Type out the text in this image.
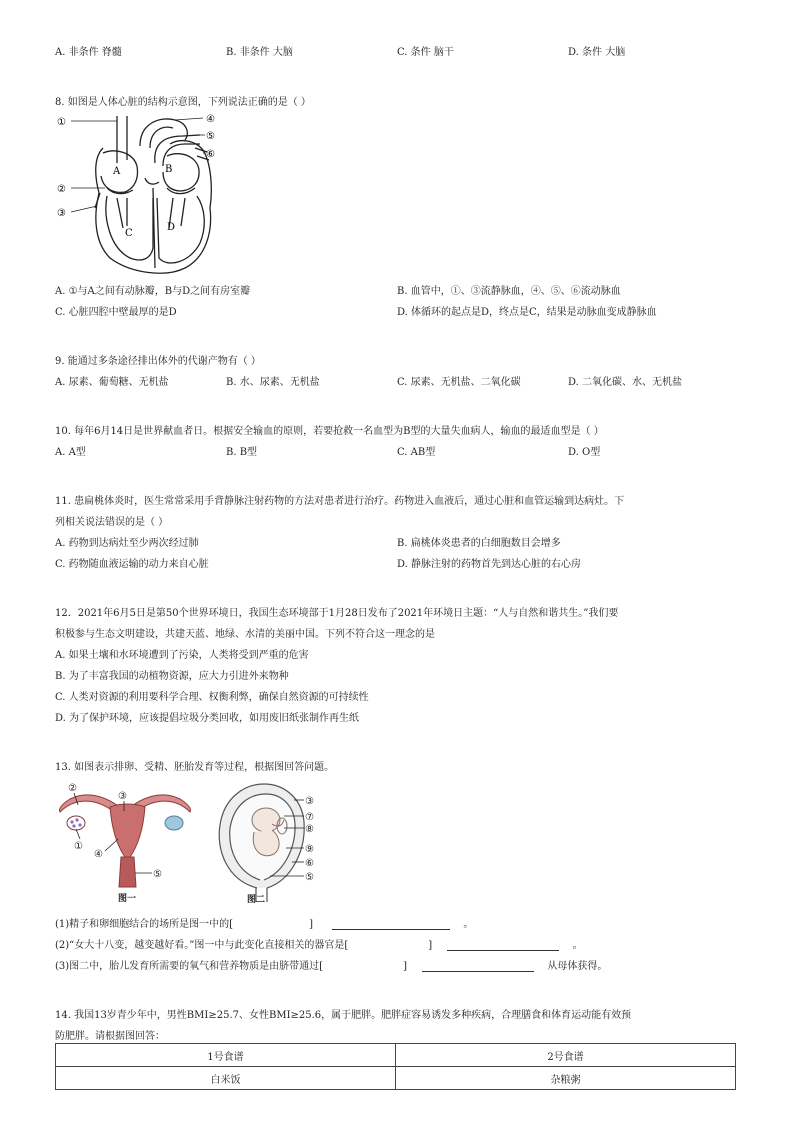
A. 非条件 脊髓	B. 非条件 大脑	C. 条件 脑干	D. 条件 大脑
8. 如图是人体心脏的结构示意图，下列说法正确的是（ ）
①
②
③
④
⑤
⑥
A	B
C
D
A. ①与A之间有动脉瓣，B与D之间有房室瓣	B. 血管中，①、③流静脉血，④、⑤、⑥流动脉血
C. 心脏四腔中壁最厚的是D	D. 体循环的起点是D，终点是C，结果是动脉血变成静脉血
9. 能通过多条途径排出体外的代谢产物有（ ）
A. 尿素、葡萄糖、无机盐	B. 水、尿素、无机盐	C. 尿素、无机盐、二氧化碳	D. 二氧化碳、水、无机盐
10. 每年6月14日是世界献血者日。根据安全输血的原则，若要抢救一名血型为B型的大量失血病人，输血的最适血型是（ ）
A. A型	B. B型	C. AB型	D. O型
11. 患扁桃体炎时，医生常常采用手背静脉注射药物的方法对患者进行治疗。药物进入血液后，通过心脏和血管运输到达病灶。下
列相关说法错误的是（ ）
A. 药物到达病灶至少两次经过肺	B. 扁桃体炎患者的白细胞数目会增多
C. 药物随血液运输的动力来自心脏	D. 静脉注射的药物首先到达心脏的右心房
12．2021年6月5日是第50个世界环境日，我国生态环境部于1月28日发布了2021年环境日主题：“人与自然和谐共生。”我们要
积极参与生态文明建设，共建天蓝、地绿、水清的美丽中国。下列不符合这一理念的是
A. 如果土壤和水环境遭到了污染，人类将受到严重的危害
B. 为了丰富我国的动植物资源，应大力引进外来物种
C. 人类对资源的利用要科学合理、权衡利弊，确保自然资源的可持续性
D. 为了保护环境，应该提倡垃圾分类回收，如用废旧纸张制作再生纸
13. 如图表示排卵、受精、胚胎发育等过程，根据图回答问题。
②
③
①
④
⑤
图一
③
⑦
⑧
⑨
⑥
⑤
图二
(1)精子和卵细胞结合的场所是图一中的[	]	。
(2)“女大十八变，越变越好看。”图一中与此变化直接相关的器官是[	]	。
(3)图二中，胎儿发育所需要的氧气和营养物质是由脐带通过[	]	从母体获得。
14. 我国13岁青少年中，男性BMI≥25.7、女性BMI≥25.6，属于肥胖。肥胖症容易诱发多种疾病，合理膳食和体育运动能有效预
防肥胖。请根据图回答：
1号食谱	2号食谱
白米饭	杂粮粥
